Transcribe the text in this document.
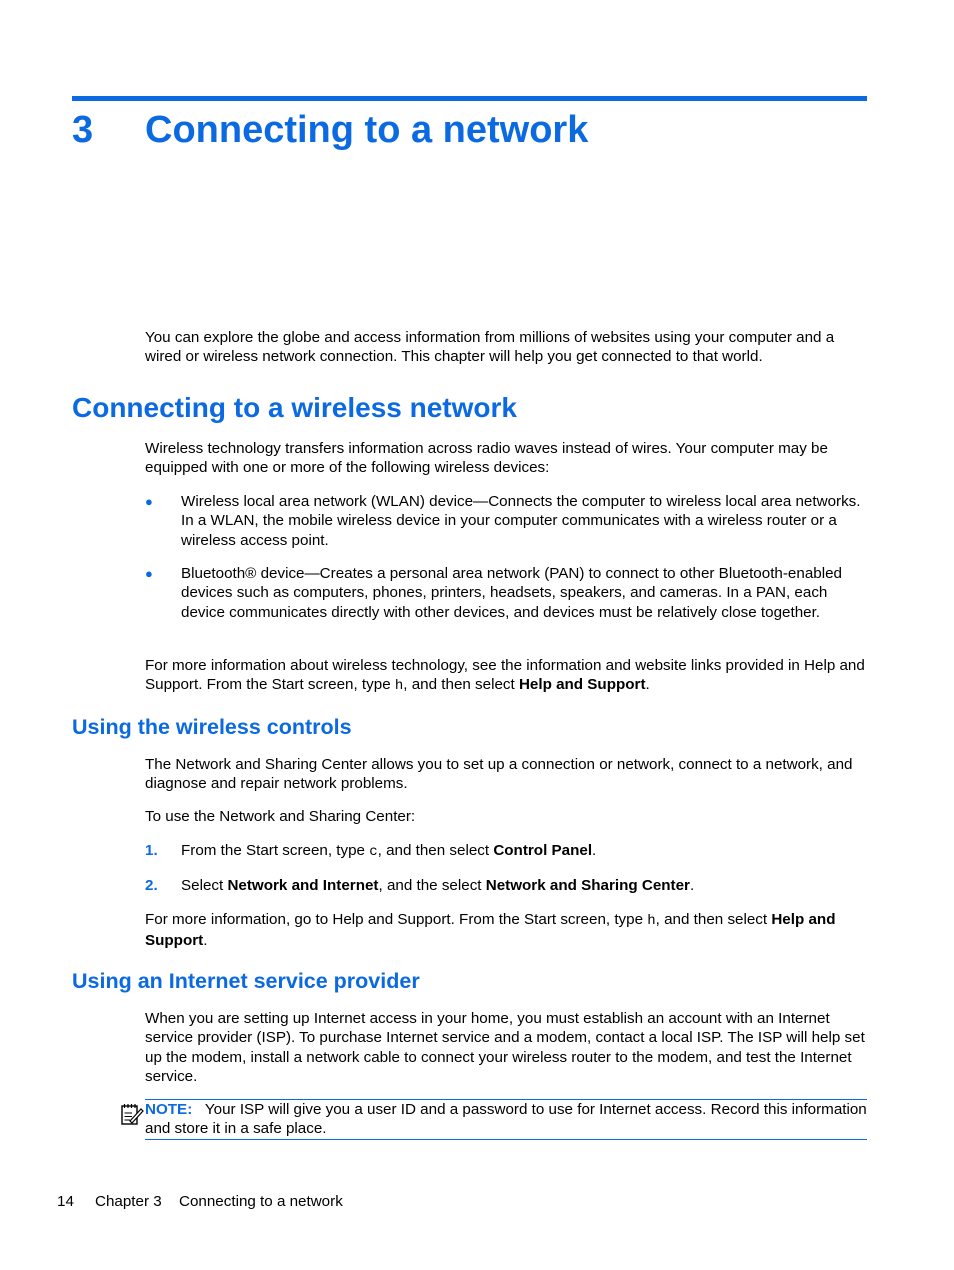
3 Connecting to a network
You can explore the globe and access information from millions of websites using your computer and a wired or wireless network connection. This chapter will help you get connected to that world.
Connecting to a wireless network
Wireless technology transfers information across radio waves instead of wires. Your computer may be equipped with one or more of the following wireless devices:
● Wireless local area network (WLAN) device—Connects the computer to wireless local area networks. In a WLAN, the mobile wireless device in your computer communicates with a wireless router or a wireless access point.
● Bluetooth® device—Creates a personal area network (PAN) to connect to other Bluetooth-enabled devices such as computers, phones, printers, headsets, speakers, and cameras. In a PAN, each device communicates directly with other devices, and devices must be relatively close together.
For more information about wireless technology, see the information and website links provided in Help and Support. From the Start screen, type h, and then select Help and Support.
Using the wireless controls
The Network and Sharing Center allows you to set up a connection or network, connect to a network, and diagnose and repair network problems.
To use the Network and Sharing Center:
1. From the Start screen, type c, and then select Control Panel.
2. Select Network and Internet, and the select Network and Sharing Center.
For more information, go to Help and Support. From the Start screen, type h, and then select Help and Support.
Using an Internet service provider
When you are setting up Internet access in your home, you must establish an account with an Internet service provider (ISP). To purchase Internet service and a modem, contact a local ISP. The ISP will help set up the modem, install a network cable to connect your wireless router to the modem, and test the Internet service.
NOTE: Your ISP will give you a user ID and a password to use for Internet access. Record this information and store it in a safe place.
14 Chapter 3 Connecting to a network
